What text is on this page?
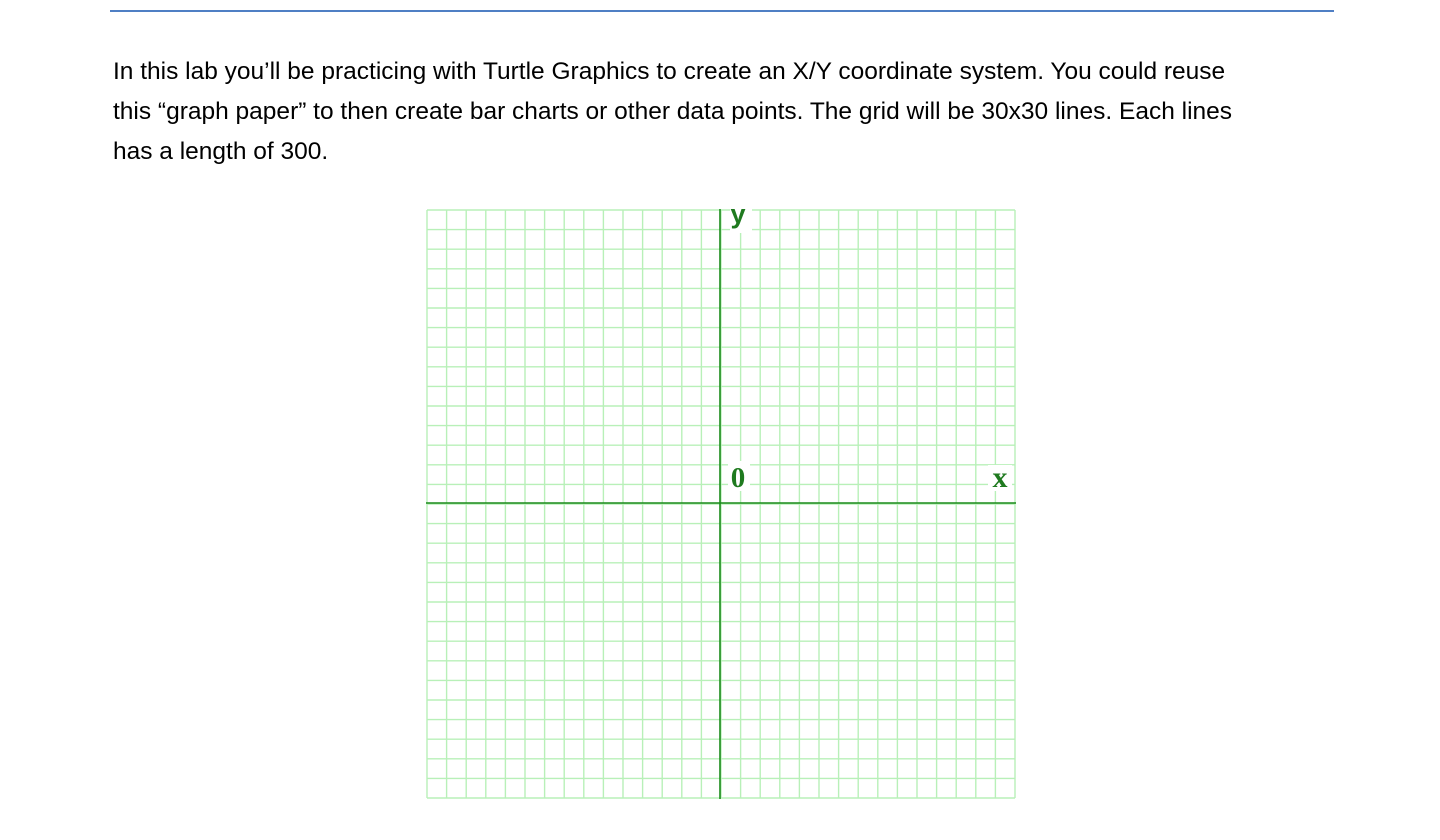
In this lab you’ll be practicing with Turtle Graphics to create an X/Y coordinate system. You could reuse
this “graph paper” to then create bar charts or other data points. The grid will be 30x30 lines. Each lines
has a length of 300.

y
0	x
